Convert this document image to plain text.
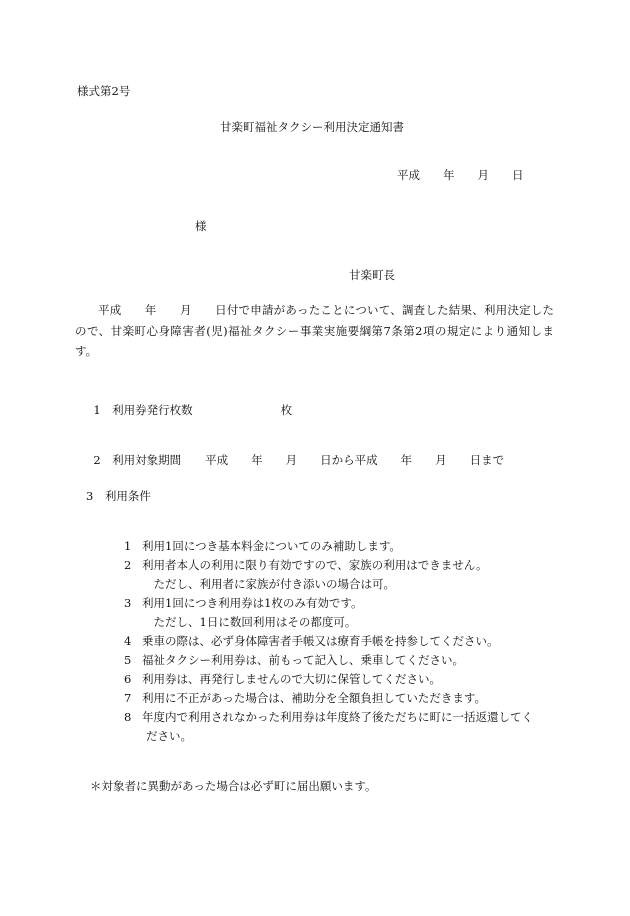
様式第2号
甘楽町福祉タクシー利用決定通知書
平成　　年　　月　　日
様
甘楽町長
平成　　年　　月　　日付で申請があったことについて、調査した結果、利用決定したので、甘楽町心身障害者(児)福祉タクシー事業実施要綱第7条第2項の規定により通知します。

1　利用券発行枚数	枚

2　利用対象期間 平成　　年　　月　　日から平成　　年　　月　　日まで

3　利用条件
1 利用1回につき基本料金についてのみ補助します。
2 利用者本人の利用に限り有効ですので、家族の利用はできません。
　ただし、利用者に家族が付き添いの場合は可。
3 利用1回につき利用券は1枚のみ有効です。
　ただし、1日に数回利用はその都度可。
4 乗車の際は、必ず身体障害者手帳又は療育手帳を持参してください。
5 福祉タクシー利用券は、前もって記入し、乗車してください。
6 利用券は、再発行しませんので大切に保管してください。
7 利用に不正があった場合は、補助分を全額負担していただきます。
8 年度内で利用されなかった利用券は年度終了後ただちに町に一括返還してく
ださい。
＊対象者に異動があった場合は必ず町に届出願います。
